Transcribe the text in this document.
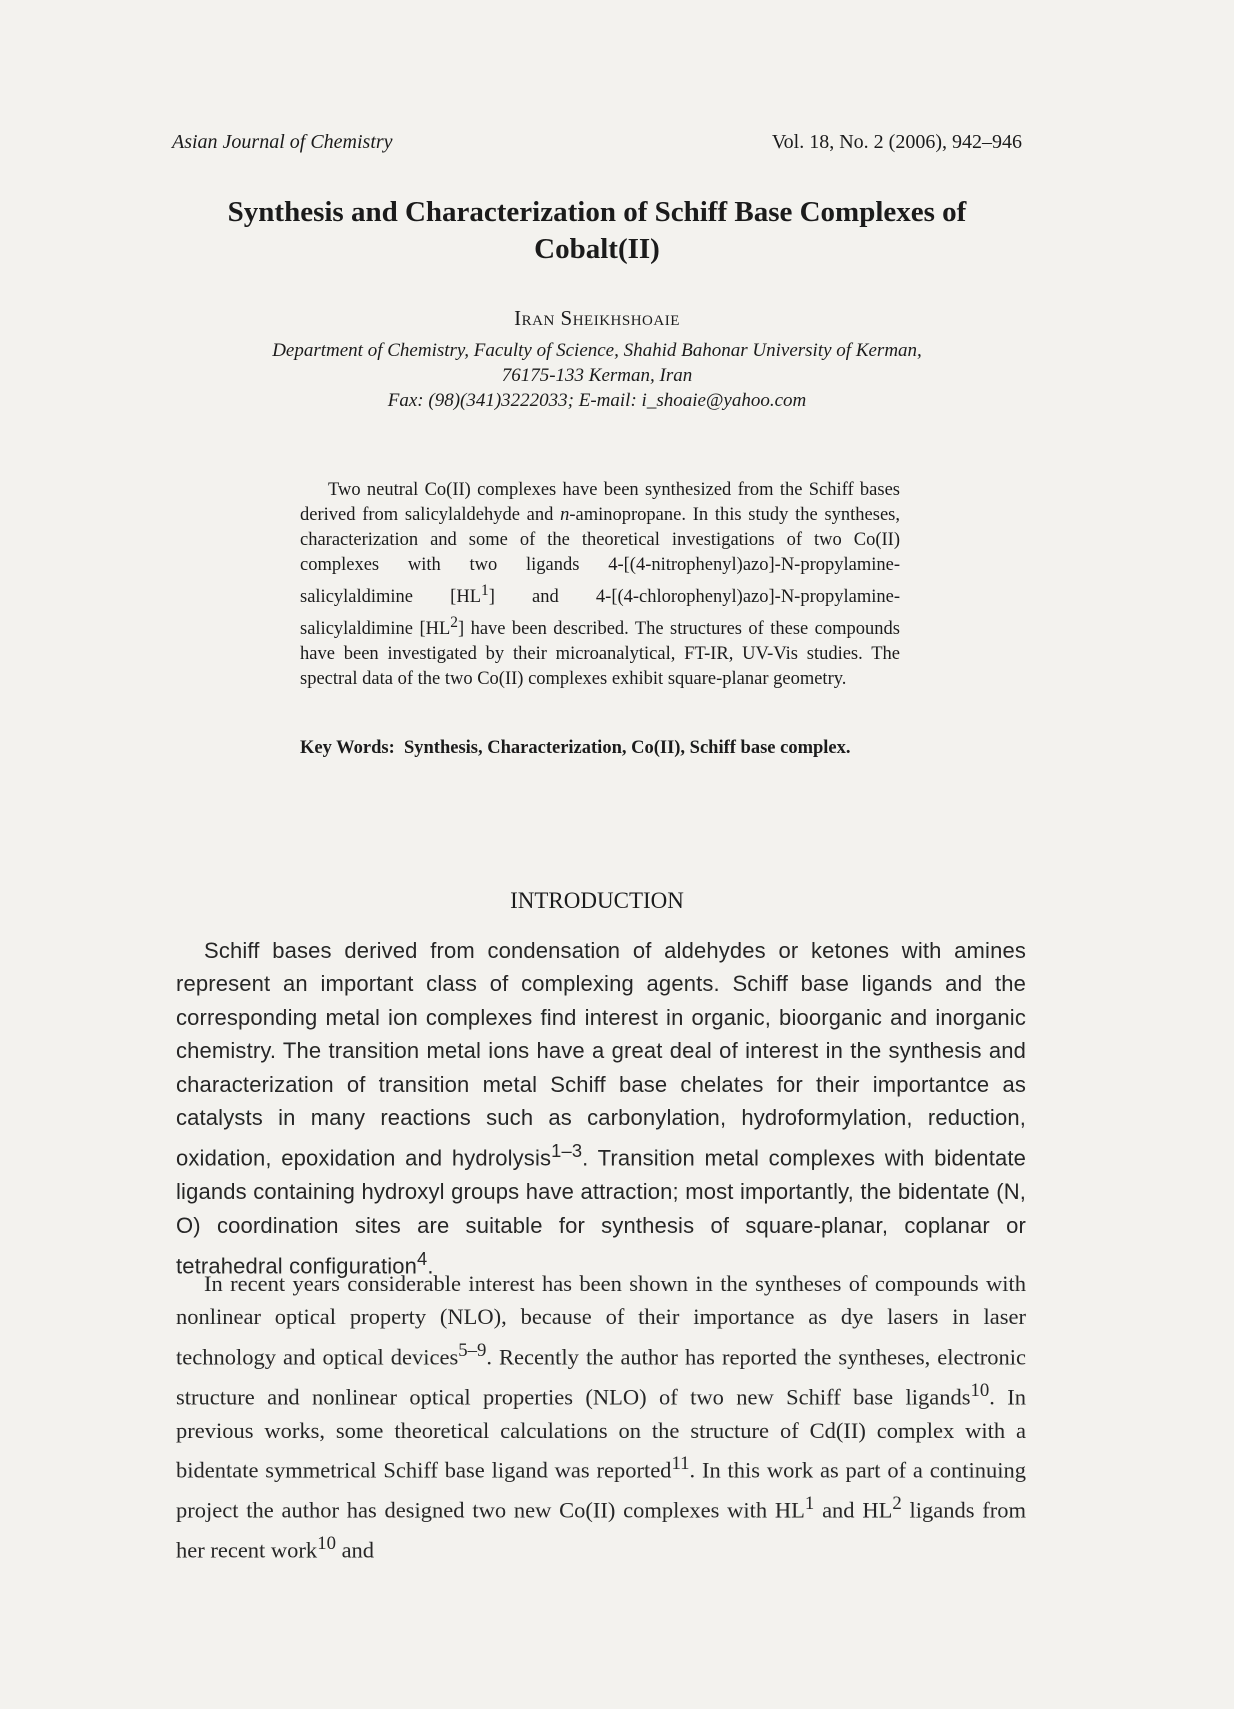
Asian Journal of Chemistry	Vol. 18, No. 2 (2006), 942–946
Synthesis and Characterization of Schiff Base Complexes of Cobalt(II)
Iran Sheikhshoaie
Department of Chemistry, Faculty of Science, Shahid Bahonar University of Kerman,
76175-133 Kerman, Iran
Fax: (98)(341)3222033; E-mail: i_shoaie@yahoo.com

Two neutral Co(II) complexes have been synthesized from the Schiff bases derived from salicylaldehyde and n-aminopropane. In this study the syntheses, characterization and some of the theoretical investigations of two Co(II) complexes with two ligands 4-[(4-nitrophenyl)azo]-N-propylamine-salicylaldimine $[HL^1]$ and 4-[(4-chlorophenyl)azo]-N-propylamine-salicylaldimine $[HL^2]$ have been described. The structures of these compounds have been investigated by their microanalytical, FT-IR, UV-Vis studies. The spectral data of the two Co(II) complexes exhibit square-planar geometry.

Key Words: Synthesis, Characterization, Co(II), Schiff base complex.

INTRODUCTION

Schiff bases derived from condensation of aldehydes or ketones with amines represent an important class of complexing agents. Schiff base ligands and the corresponding metal ion complexes find interest in organic, bioorganic and inorganic chemistry. The transition metal ions have a great deal of interest in the synthesis and characterization of transition metal Schiff base chelates for their importantce as catalysts in many reactions such as carbonylation, hydroformylation, reduction, oxidation, epoxidation and hydrolysis$^{1-3}$. Transition metal complexes with bidentate ligands containing hydroxyl groups have attraction; most importantly, the bidentate (N, O) coordination sites are suitable for synthesis of square-planar, coplanar or tetrahedral configuration$^4$.

In recent years considerable interest has been shown in the syntheses of compounds with nonlinear optical property (NLO), because of their importance as dye lasers in laser technology and optical devices$^{5-9}$. Recently the author has reported the syntheses, electronic structure and nonlinear optical properties (NLO) of two new Schiff base ligands$^{10}$. In previous works, some theoretical calculations on the structure of Cd(II) complex with a bidentate symmetrical Schiff base ligand was reported$^{11}$. In this work as part of a continuing project the author has designed two new Co(II) complexes with $HL^1$ and $HL^2$ ligands from her recent work$^{10}$ and
